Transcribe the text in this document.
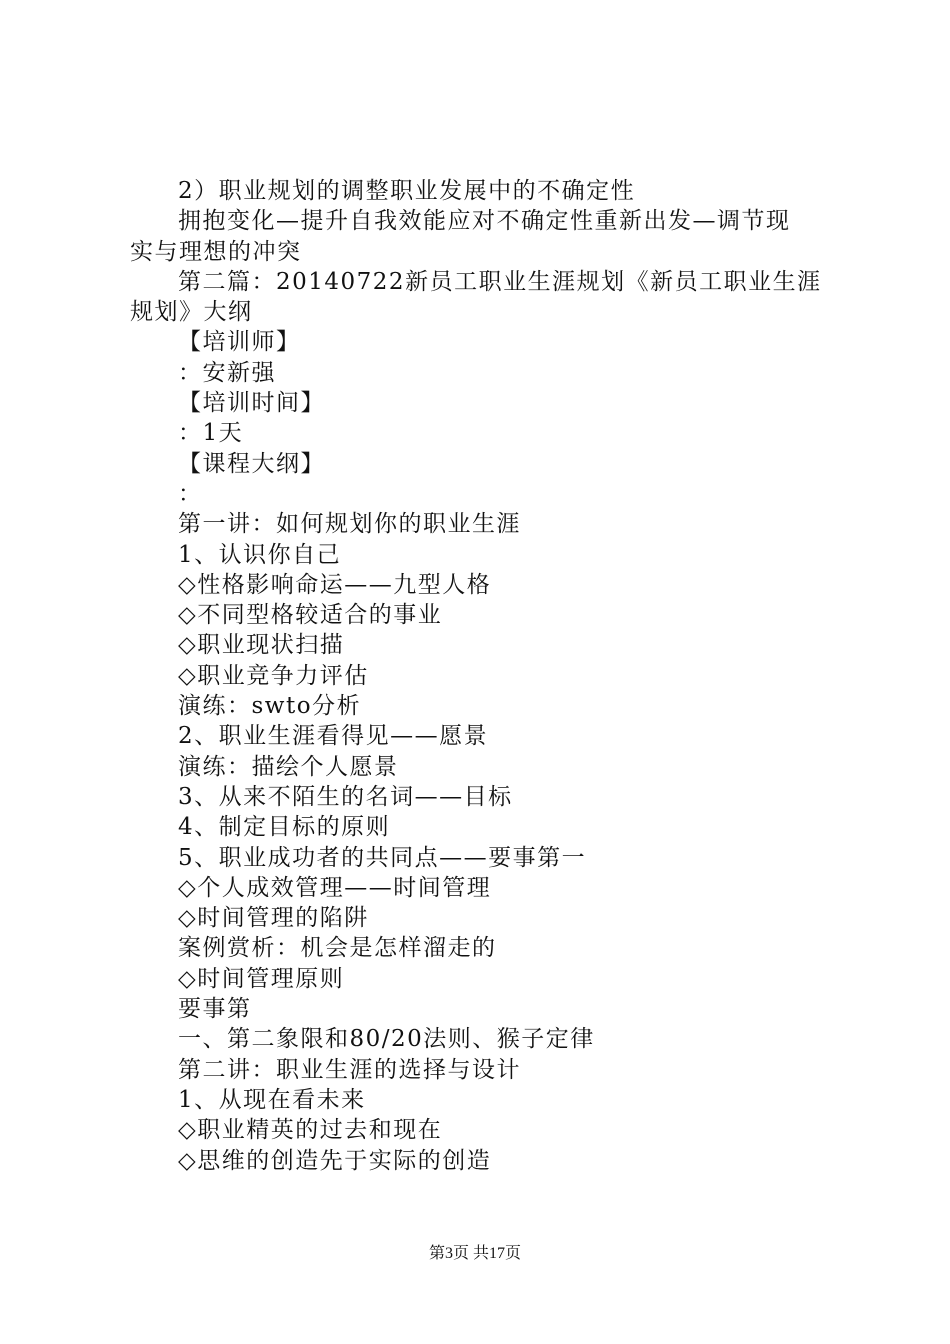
2）职业规划的调整职业发展中的不确定性
拥抱变化—提升自我效能应对不确定性重新出发—调节现
实与理想的冲突
第二篇：20140722新员工职业生涯规划《新员工职业生涯
规划》大纲
【培训师】
：安新强
【培训时间】
：1天
【课程大纲】
：
第一讲：如何规划你的职业生涯
1、认识你自己
◇性格影响命运——九型人格
◇不同型格较适合的事业
◇职业现状扫描
◇职业竞争力评估
演练：swto分析
2、职业生涯看得见——愿景
演练：描绘个人愿景
3、从来不陌生的名词——目标
4、制定目标的原则
5、职业成功者的共同点——要事第一
◇个人成效管理——时间管理
◇时间管理的陷阱
案例赏析：机会是怎样溜走的
◇时间管理原则
要事第
一、第二象限和80/20法则、猴子定律
第二讲：职业生涯的选择与设计
1、从现在看未来
◇职业精英的过去和现在
◇思维的创造先于实际的创造
第3页 共17页
